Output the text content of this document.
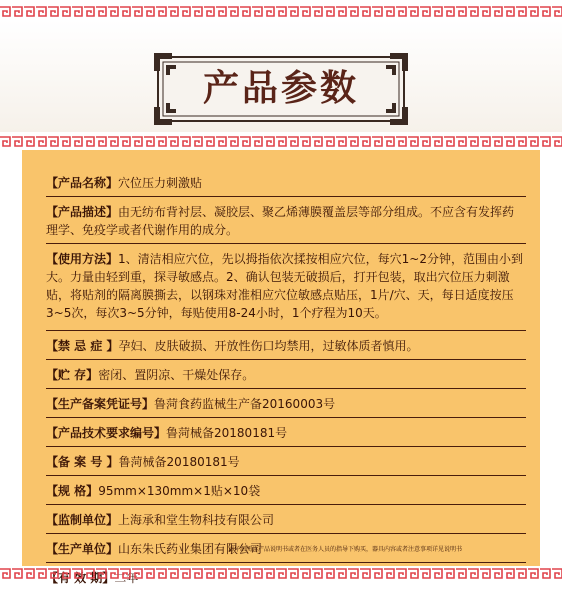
产品参数
【产品名称】穴位压力刺激贴
【产品描述】由无纺布背衬层、凝胶层、聚乙烯薄膜覆盖层等部分组成。不应含有发挥药理学、免疫学或者代谢作用的成分。
【使用方法】1、清洁相应穴位，先以拇指依次揉按相应穴位，每穴1~2分钟，范围由小到大。力量由轻到重，探寻敏感点。2、确认包装无破损后，打开包装，取出穴位压力刺激贴，将贴剂的隔离膜撕去，以钢珠对准相应穴位敏感点贴压，1片/穴、天，每日适度按压3~5次，每次3~5分钟，每贴使用8-24小时，1个疗程为10天。
【禁 忌 症 】孕妇、皮肤破损、开放性伤口均禁用，过敏体质者慎用。
【贮 存】密闭、置阴凉、干燥处保存。
【生产备案凭证号】鲁菏食药监械生产备20160003号
【产品技术要求编号】鲁菏械备20180181号
【备 案 号 】鲁菏械备20180181号
【规 格】95mm×130mm×1贴×10袋
【监制单位】上海承和堂生物科技有限公司
【生产单位】山东朱氏药业集团有限公司
【有 效 期】二年
请仔细阅读产品说明书或者在医务人员的指导下购买，器具内容或者注意事项详见说明书
